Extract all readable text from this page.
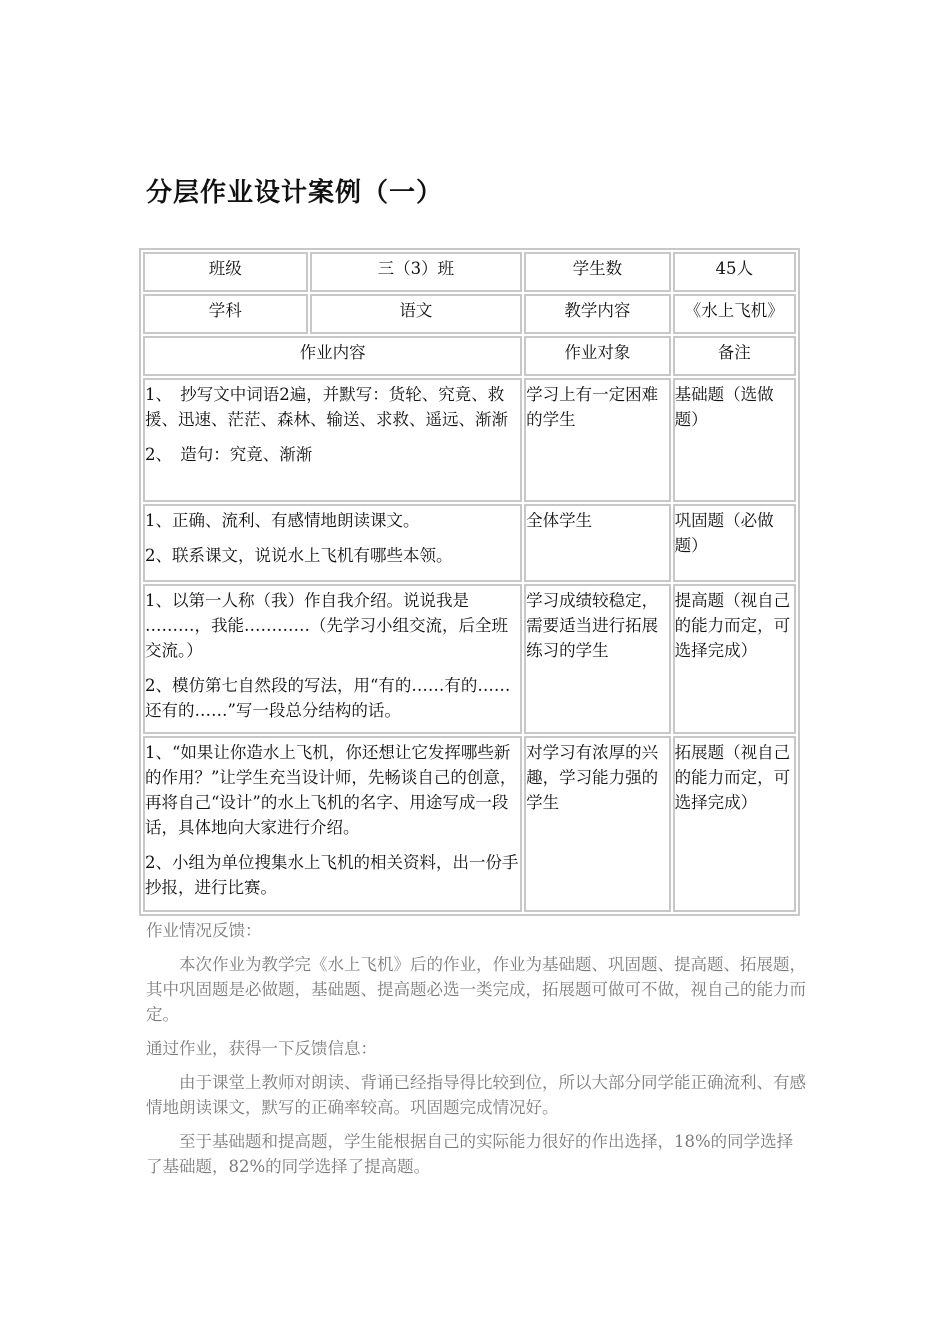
分层作业设计案例（一）
班级	三（3）班	学生数	45人
学科	语文	教学内容	《水上飞机》
作业内容		作业对象	备注

1、　抄写文中词语2遍，并默写：货轮、究竟、救援、迅速、茫茫、森林、输送、求救、遥远、渐渐

2、　造句：究竟、渐渐		学习上有一定困难的学生	基础题（选做题）

1、正确、流利、有感情地朗读课文。

2、联系课文，说说水上飞机有哪些本领。		全体学生	巩固题（必做题）

1、以第一人称（我）作自我介绍。说说我是 ………，我能…………（先学习小组交流，后全班交流。）

2、模仿第七自然段的写法，用“有的……有的……还有的……”写一段总分结构的话。		学习成绩较稳定，需要适当进行拓展练习的学生	提高题（视自己的能力而定，可选择完成）

1、“如果让你造水上飞机，你还想让它发挥哪些新的作用？”让学生充当设计师，先畅谈自己的创意，再将自己“设计”的水上飞机的名字、用途写成一段话，具体地向大家进行介绍。

2、小组为单位搜集水上飞机的相关资料，出一份手抄报，进行比赛。		对学习有浓厚的兴趣，学习能力强的学生	拓展题（视自己的能力而定，可选择完成）

作业情况反馈：

本次作业为教学完《水上飞机》后的作业，作业为基础题、巩固题、提高题、拓展题，其中巩固题是必做题，基础题、提高题必选一类完成，拓展题可做可不做，视自己的能力而定。

通过作业，获得一下反馈信息：

由于课堂上教师对朗读、背诵已经指导得比较到位，所以大部分同学能正确流利、有感情地朗读课文，默写的正确率较高。巩固题完成情况好。

至于基础题和提高题，学生能根据自己的实际能力很好的作出选择，18%的同学选择了基础题，82%的同学选择了提高题。
